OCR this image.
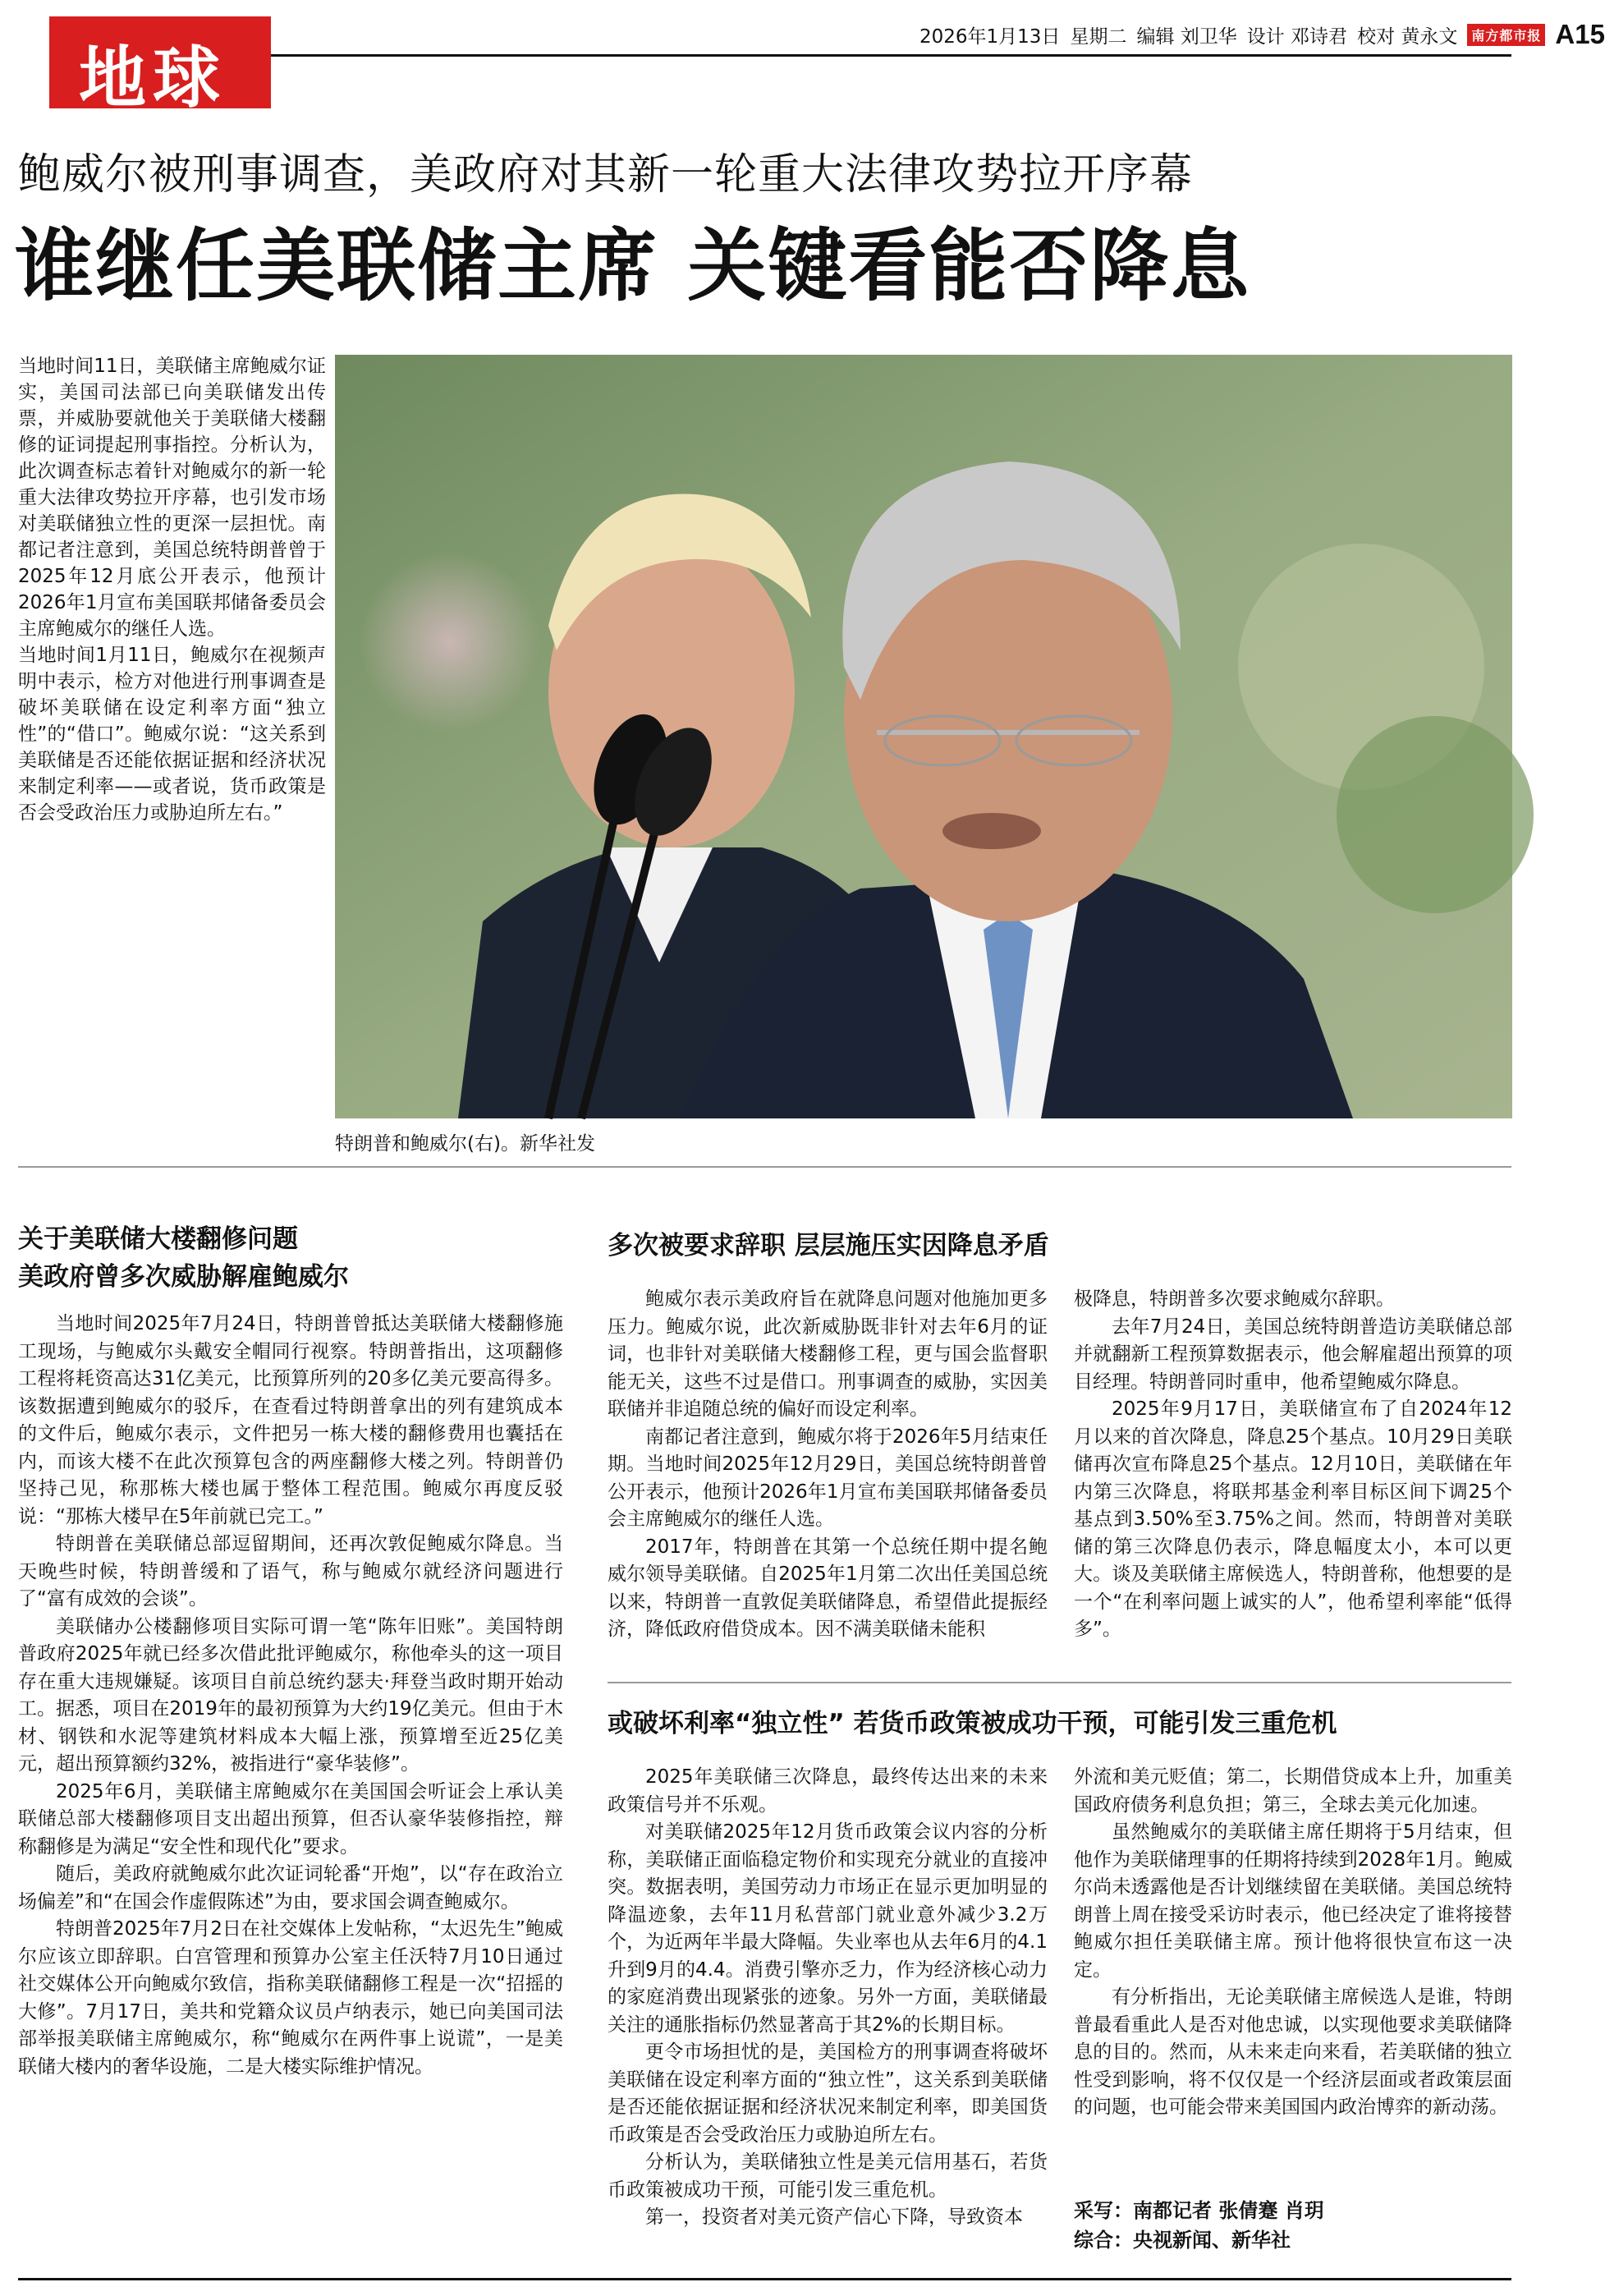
地球
2026年1月13日 星期二 编辑 刘卫华 设计 邓诗君 校对 黄永文	南方都市报 A15
鲍威尔被刑事调查，美政府对其新一轮重大法律攻势拉开序幕
谁继任美联储主席 关键看能否降息

当地时间11日，美联储主席鲍威尔证实，美国司法部已向美联储发出传票，并威胁要就他关于美联储大楼翻修的证词提起刑事指控。分析认为，此次调查标志着针对鲍威尔的新一轮重大法律攻势拉开序幕，也引发市场对美联储独立性的更深一层担忧。南都记者注意到，美国总统特朗普曾于2025年12月底公开表示，他预计2026年1月宣布美国联邦储备委员会主席鲍威尔的继任人选。

当地时间1月11日，鲍威尔在视频声明中表示，检方对他进行刑事调查是破坏美联储在设定利率方面“独立性”的“借口”。鲍威尔说：“这关系到美联储是否还能依据证据和经济状况来制定利率——或者说，货币政策是否会受政治压力或胁迫所左右。”

特朗普和鲍威尔(右)。新华社发
关于美联储大楼翻修问题
美政府曾多次威胁解雇鲍威尔

当地时间2025年7月24日，特朗普曾抵达美联储大楼翻修施工现场，与鲍威尔头戴安全帽同行视察。特朗普指出，这项翻修工程将耗资高达31亿美元，比预算所列的20多亿美元要高得多。该数据遭到鲍威尔的驳斥，在查看过特朗普拿出的列有建筑成本的文件后，鲍威尔表示，文件把另一栋大楼的翻修费用也囊括在内，而该大楼不在此次预算包含的两座翻修大楼之列。特朗普仍坚持己见，称那栋大楼也属于整体工程范围。鲍威尔再度反驳说：“那栋大楼早在5年前就已完工。”

特朗普在美联储总部逗留期间，还再次敦促鲍威尔降息。当天晚些时候，特朗普缓和了语气，称与鲍威尔就经济问题进行了“富有成效的会谈”。

美联储办公楼翻修项目实际可谓一笔“陈年旧账”。美国特朗普政府2025年就已经多次借此批评鲍威尔，称他牵头的这一项目存在重大违规嫌疑。该项目自前总统约瑟夫·拜登当政时期开始动工。据悉，项目在2019年的最初预算为大约19亿美元。但由于木材、钢铁和水泥等建筑材料成本大幅上涨，预算增至近25亿美元，超出预算额约32%，被指进行“豪华装修”。

2025年6月，美联储主席鲍威尔在美国国会听证会上承认美联储总部大楼翻修项目支出超出预算，但否认豪华装修指控，辩称翻修是为满足“安全性和现代化”要求。

随后，美政府就鲍威尔此次证词轮番“开炮”，以“存在政治立场偏差”和“在国会作虚假陈述”为由，要求国会调查鲍威尔。

特朗普2025年7月2日在社交媒体上发帖称，“太迟先生”鲍威尔应该立即辞职。白宫管理和预算办公室主任沃特7月10日通过社交媒体公开向鲍威尔致信，指称美联储翻修工程是一次“招摇的大修”。7月17日，美共和党籍众议员卢纳表示，她已向美国司法部举报美联储主席鲍威尔，称“鲍威尔在两件事上说谎”，一是美联储大楼内的奢华设施，二是大楼实际维护情况。

多次被要求辞职 层层施压实因降息矛盾

鲍威尔表示美政府旨在就降息问题对他施加更多压力。鲍威尔说，此次新威胁既非针对去年6月的证词，也非针对美联储大楼翻修工程，更与国会监督职能无关，这些不过是借口。刑事调查的威胁，实因美联储并非追随总统的偏好而设定利率。

南都记者注意到，鲍威尔将于2026年5月结束任期。当地时间2025年12月29日，美国总统特朗普曾公开表示，他预计2026年1月宣布美国联邦储备委员会主席鲍威尔的继任人选。

2017年，特朗普在其第一个总统任期中提名鲍威尔领导美联储。自2025年1月第二次出任美国总统以来，特朗普一直敦促美联储降息，希望借此提振经济，降低政府借贷成本。因不满美联储未能积

极降息，特朗普多次要求鲍威尔辞职。

去年7月24日，美国总统特朗普造访美联储总部并就翻新工程预算数据表示，他会解雇超出预算的项目经理。特朗普同时重申，他希望鲍威尔降息。

2025年9月17日，美联储宣布了自2024年12月以来的首次降息，降息25个基点。10月29日美联储再次宣布降息25个基点。12月10日，美联储在年内第三次降息，将联邦基金利率目标区间下调25个基点到3.50%至3.75%之间。然而，特朗普对美联储的第三次降息仍表示，降息幅度太小，本可以更大。谈及美联储主席候选人，特朗普称，他想要的是一个“在利率问题上诚实的人”，他希望利率能“低得多”。

或破坏利率“独立性” 若货币政策被成功干预，可能引发三重危机

2025年美联储三次降息，最终传达出来的未来政策信号并不乐观。

对美联储2025年12月货币政策会议内容的分析称，美联储正面临稳定物价和实现充分就业的直接冲突。数据表明，美国劳动力市场正在显示更加明显的降温迹象，去年11月私营部门就业意外减少3.2万个，为近两年半最大降幅。失业率也从去年6月的4.1升到9月的4.4。消费引擎亦乏力，作为经济核心动力的家庭消费出现紧张的迹象。另外一方面，美联储最关注的通胀指标仍然显著高于其2%的长期目标。

更令市场担忧的是，美国检方的刑事调查将破坏美联储在设定利率方面的“独立性”，这关系到美联储是否还能依据证据和经济状况来制定利率，即美国货币政策是否会受政治压力或胁迫所左右。

分析认为，美联储独立性是美元信用基石，若货币政策被成功干预，可能引发三重危机。

第一，投资者对美元资产信心下降，导致资本

外流和美元贬值；第二，长期借贷成本上升，加重美国政府债务利息负担；第三，全球去美元化加速。

虽然鲍威尔的美联储主席任期将于5月结束，但他作为美联储理事的任期将持续到2028年1月。鲍威尔尚未透露他是否计划继续留在美联储。美国总统特朗普上周在接受采访时表示，他已经决定了谁将接替鲍威尔担任美联储主席。预计他将很快宣布这一决定。

有分析指出，无论美联储主席候选人是谁，特朗普最看重此人是否对他忠诚，以实现他要求美联储降息的目的。然而，从未来走向来看，若美联储的独立性受到影响，将不仅仅是一个经济层面或者政策层面的问题，也可能会带来美国国内政治博弈的新动荡。

采写：南都记者 张倩蹇 肖玥
综合：央视新闻、新华社
